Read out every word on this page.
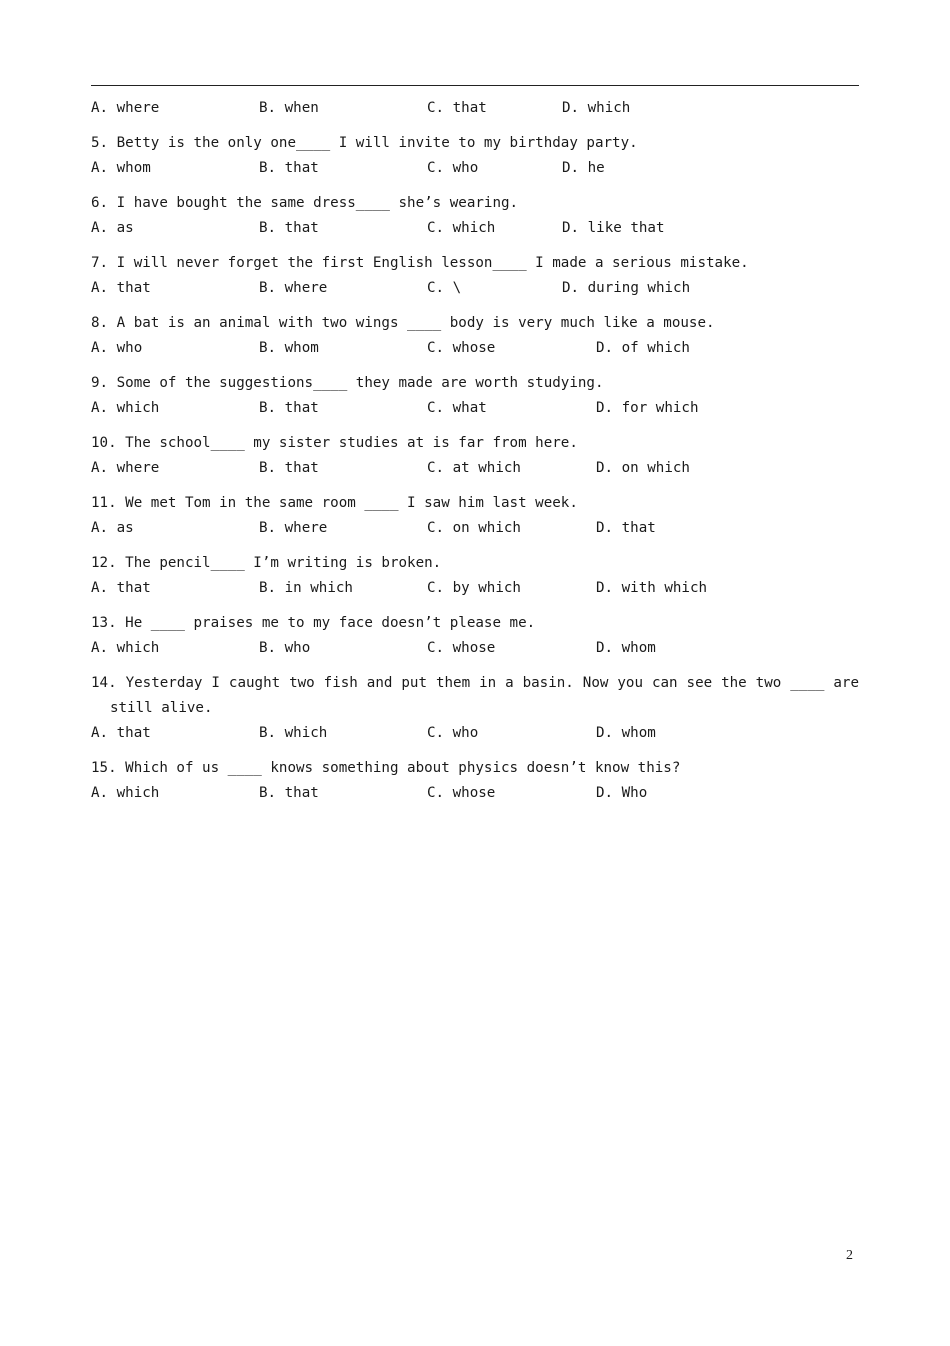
A. where	B. when	C. that	D. which
5. Betty is the only one____ I will invite to my birthday party.
A. whom	B. that	C. who	D. he
6. I have bought the same dress____ she’s wearing.
A. as	B. that	C. which	D. like that
7. I will never forget the first English lesson____ I made a serious mistake.
A. that	B. where	C. \	D. during which
8. A bat is an animal with two wings ____ body is very much like a mouse.
A. who	B. whom	C. whose	D. of which
9. Some of the suggestions____ they made are worth studying.
A. which	B. that	C. what	D. for which
10. The school____ my sister studies at is far from here.
A. where	B. that	C. at which	D. on which
11. We met Tom in the same room ____ I saw him last week.
A. as	B. where	C. on which	D. that
12. The pencil____ I’m writing is broken.
A. that	B. in which	C. by which	D. with which
13. He ____ praises me to my face doesn’t please me.
A. which	B. who	C. whose	D. whom
14. Yesterday I caught two fish and put them in a basin. Now you can see the two ____ are still alive.
A. that	B. which	C. who	D. whom
15. Which of us ____ knows something about physics doesn’t know this?
A. which	B. that	C. whose	D. Who
2
